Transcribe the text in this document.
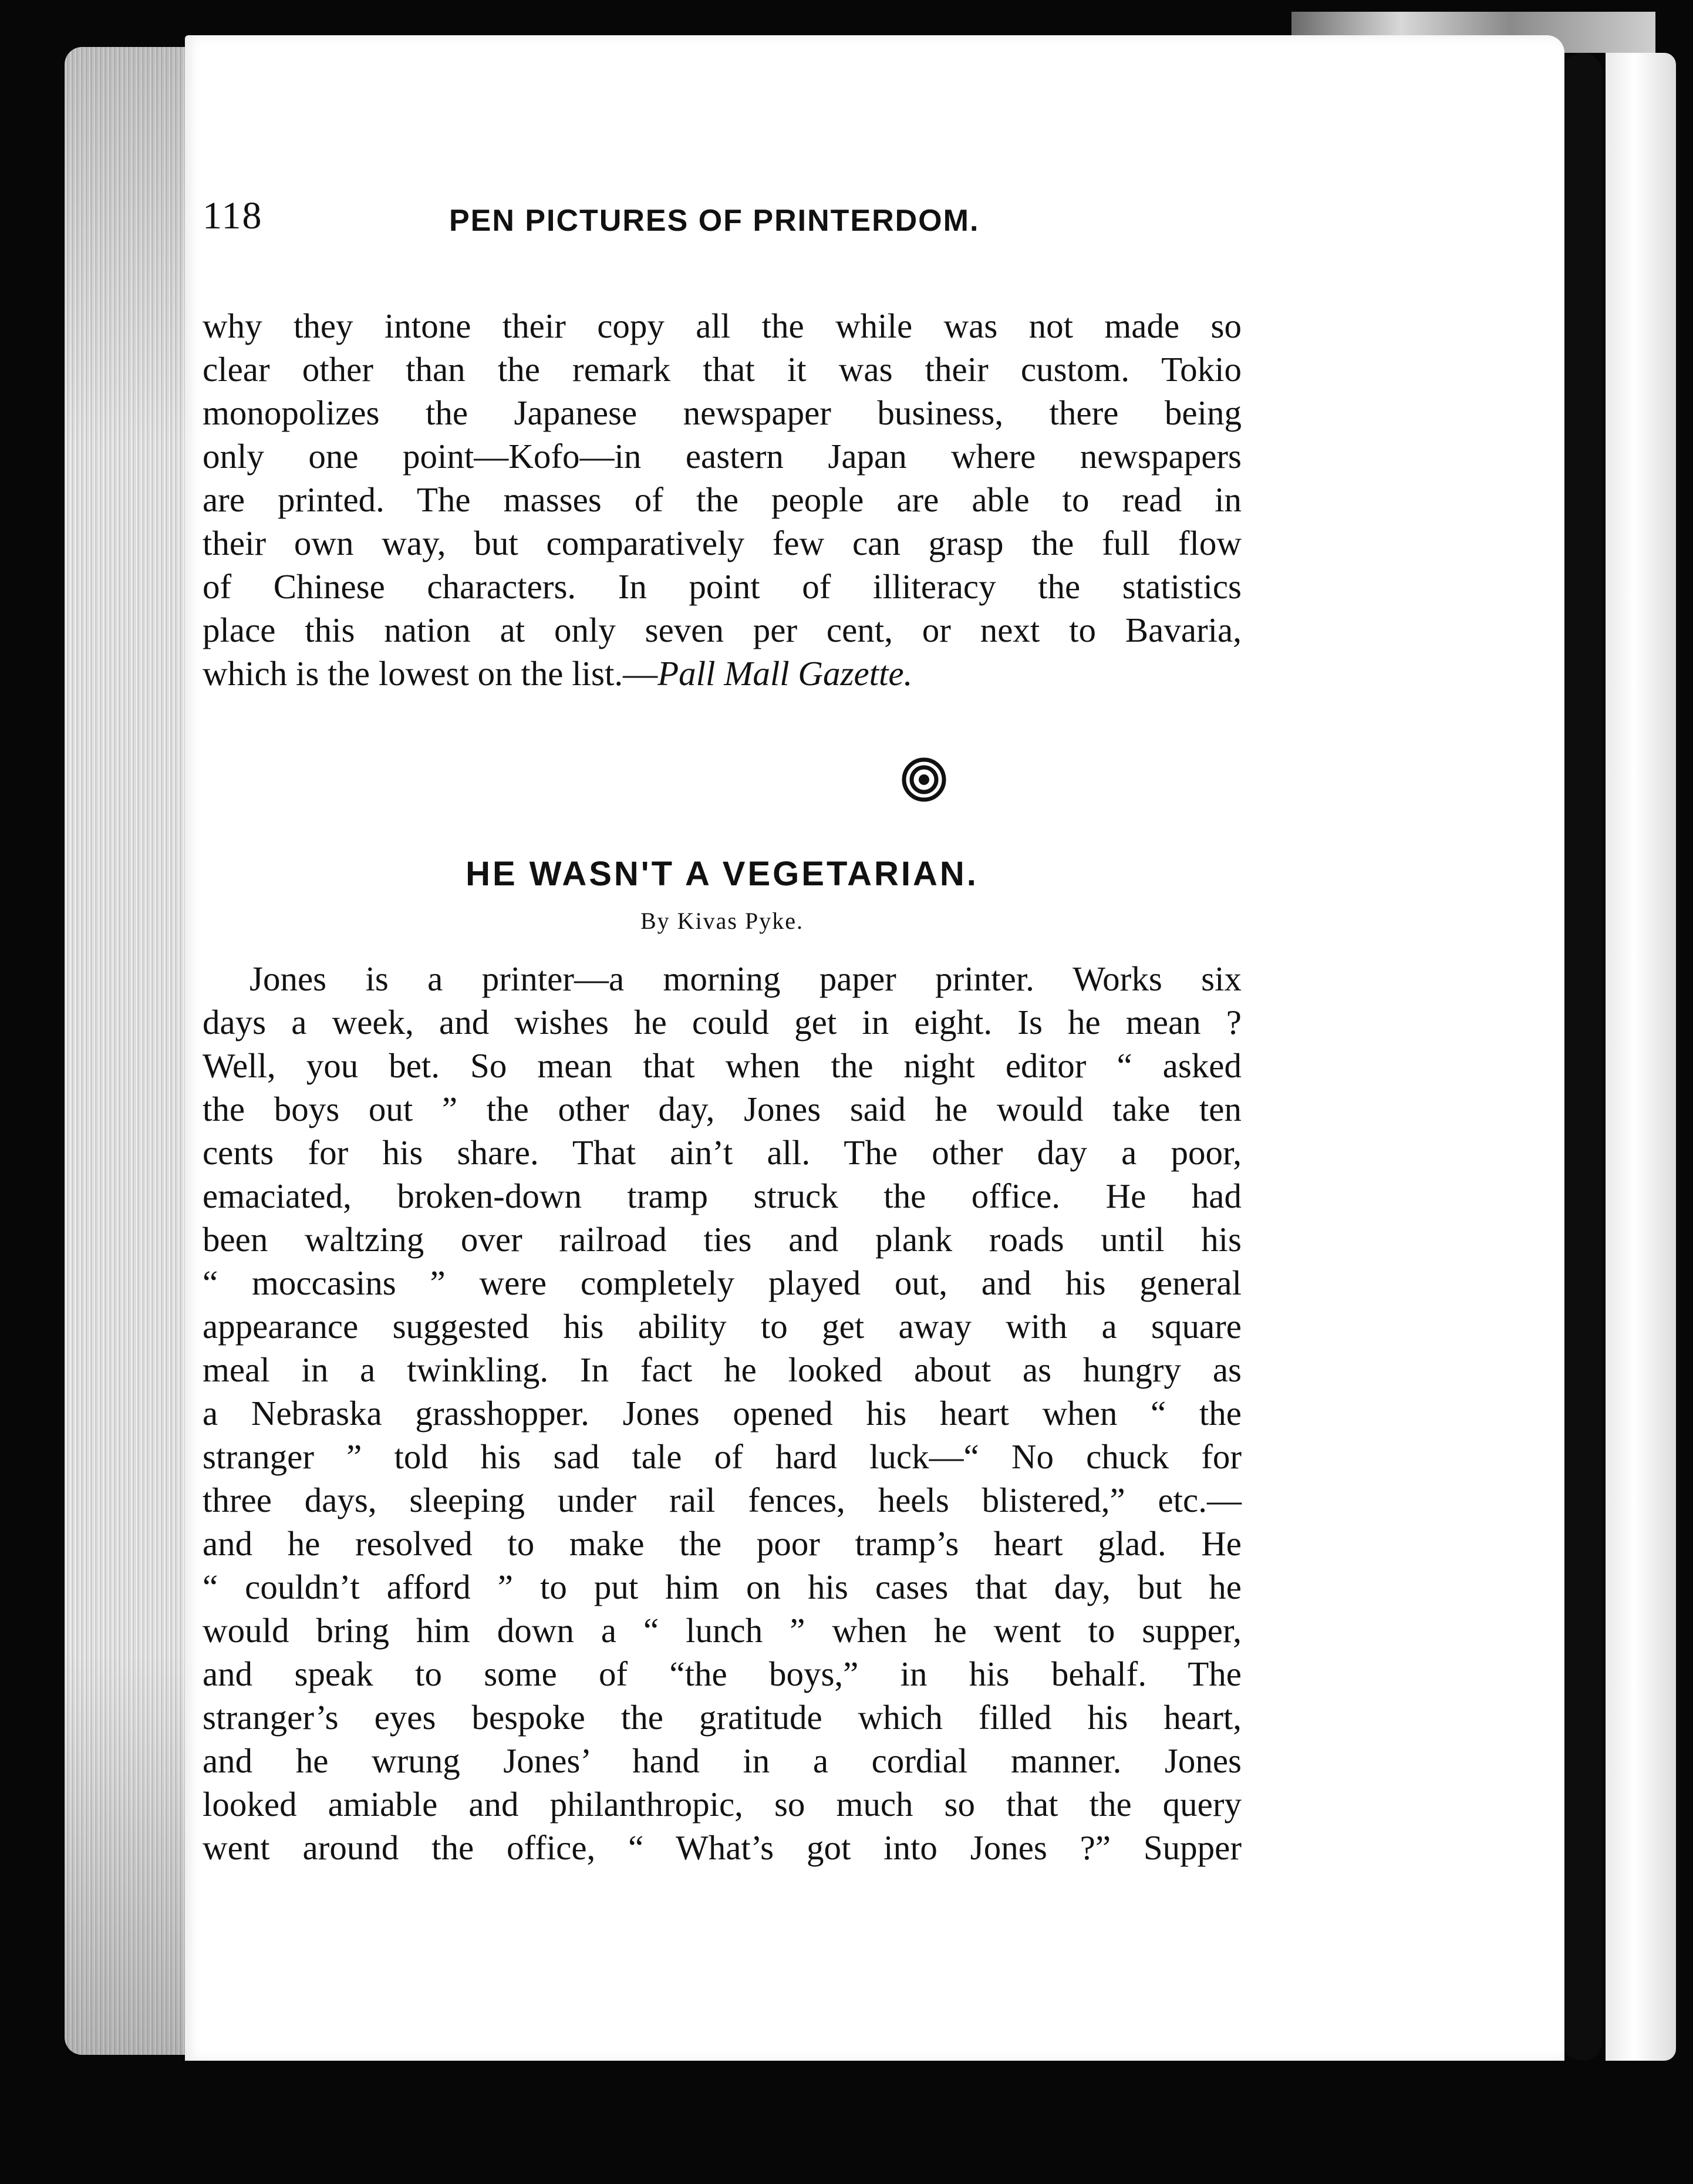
118	PEN PICTURES OF PRINTERDOM.
why they intone their copy all the while was not made so
clear other than the remark that it was their custom. Tokio
monopolizes the Japanese newspaper business, there being
only one point—Kofo—in eastern Japan where newspapers
are printed. The masses of the people are able to read in
their own way, but comparatively few can grasp the full flow
of Chinese characters. In point of illiteracy the statistics
place this nation at only seven per cent, or next to Bavaria,
which is the lowest on the list.—Pall Mall Gazette.
HE WASN'T A VEGETARIAN.
By Kivas Pyke.
Jones is a printer—a morning paper printer. Works six
days a week, and wishes he could get in eight. Is he mean ?
Well, you bet. So mean that when the night editor “ asked
the boys out ” the other day, Jones said he would take ten
cents for his share. That ain’t all. The other day a poor,
emaciated, broken-down tramp struck the office. He had
been waltzing over railroad ties and plank roads until his
“ moccasins ” were completely played out, and his general
appearance suggested his ability to get away with a square
meal in a twinkling. In fact he looked about as hungry as
a Nebraska grasshopper. Jones opened his heart when “ the
stranger ” told his sad tale of hard luck—“ No chuck for
three days, sleeping under rail fences, heels blistered,” etc.—
and he resolved to make the poor tramp’s heart glad. He
“ couldn’t afford ” to put him on his cases that day, but he
would bring him down a “ lunch ” when he went to supper,
and speak to some of “the boys,” in his behalf. The
stranger’s eyes bespoke the gratitude which filled his heart,
and he wrung Jones’ hand in a cordial manner. Jones
looked amiable and philanthropic, so much so that the query
went around the office, “ What’s got into Jones ?” Supper
